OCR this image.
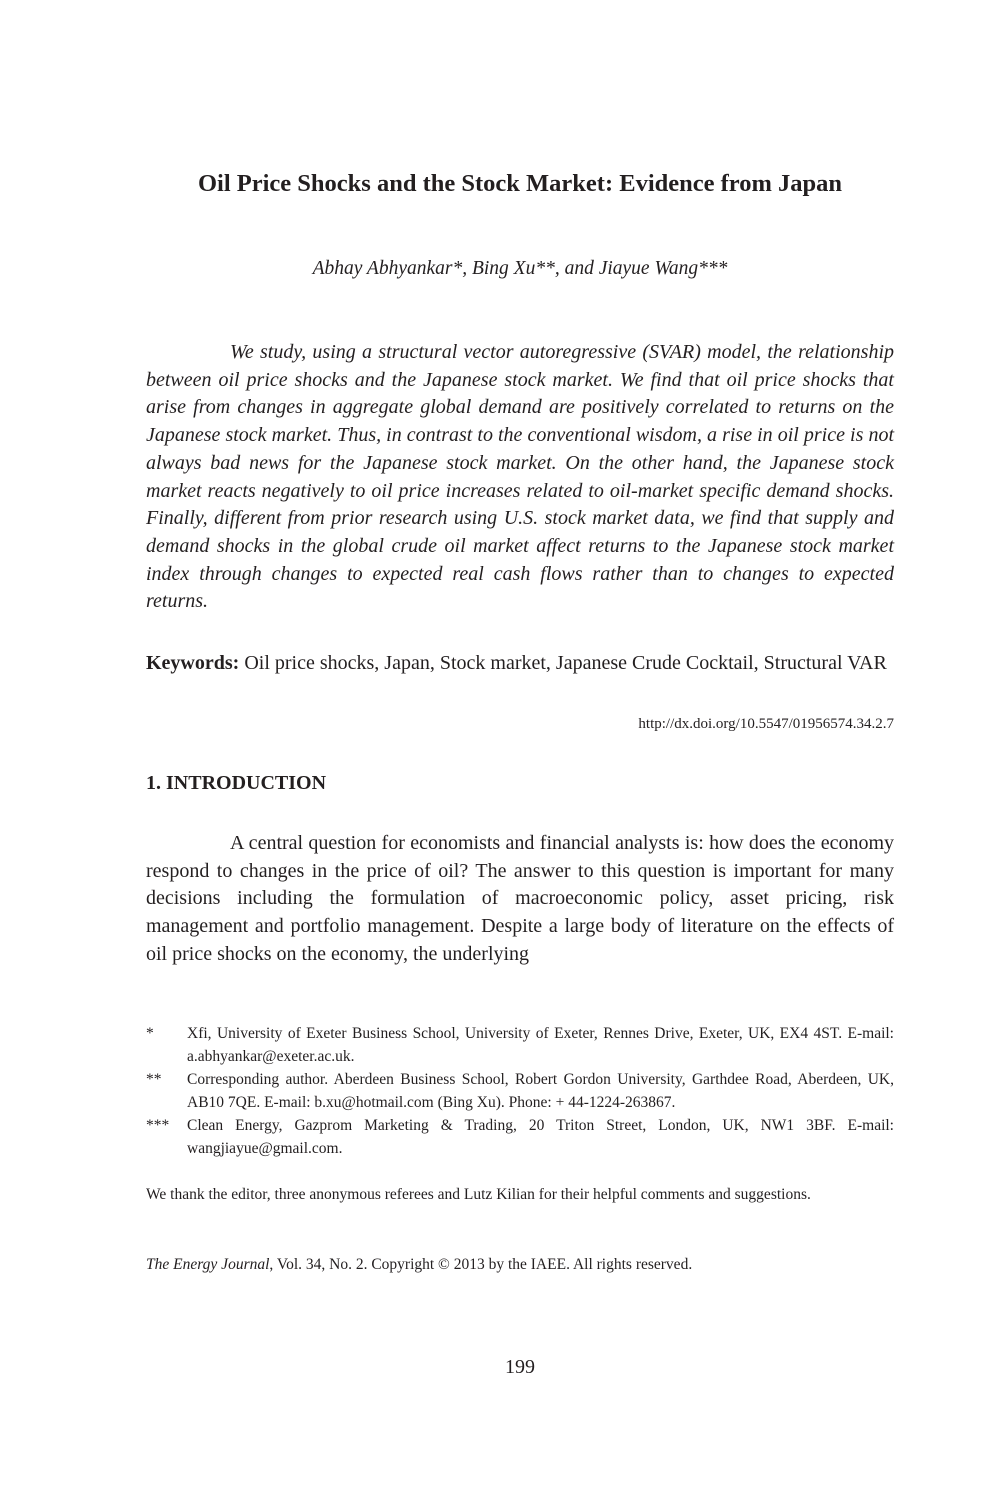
Oil Price Shocks and the Stock Market: Evidence from Japan

Abhay Abhyankar*, Bing Xu**, and Jiayue Wang***

We study, using a structural vector autoregressive (SVAR) model, the relationship between oil price shocks and the Japanese stock market. We find that oil price shocks that arise from changes in aggregate global demand are positively correlated to returns on the Japanese stock market. Thus, in contrast to the conventional wisdom, a rise in oil price is not always bad news for the Japanese stock market. On the other hand, the Japanese stock market reacts negatively to oil price increases related to oil-market specific demand shocks. Finally, different from prior research using U.S. stock market data, we find that supply and demand shocks in the global crude oil market affect returns to the Japanese stock market index through changes to expected real cash flows rather than to changes to expected returns.

Keywords: Oil price shocks, Japan, Stock market, Japanese Crude Cocktail, Structural VAR

http://dx.doi.org/10.5547/01956574.34.2.7

1. INTRODUCTION

A central question for economists and financial analysts is: how does the economy respond to changes in the price of oil? The answer to this question is important for many decisions including the formulation of macroeconomic policy, asset pricing, risk management and portfolio management. Despite a large body of literature on the effects of oil price shocks on the economy, the underlying

* Xfi, University of Exeter Business School, University of Exeter, Rennes Drive, Exeter, UK, EX4 4ST. E-mail: a.abhyankar@exeter.ac.uk.
** Corresponding author. Aberdeen Business School, Robert Gordon University, Garthdee Road, Aberdeen, UK, AB10 7QE. E-mail: b.xu@hotmail.com (Bing Xu). Phone: + 44-1224-263867.
*** Clean Energy, Gazprom Marketing & Trading, 20 Triton Street, London, UK, NW1 3BF. E-mail: wangjiayue@gmail.com.

We thank the editor, three anonymous referees and Lutz Kilian for their helpful comments and suggestions.

The Energy Journal, Vol. 34, No. 2. Copyright © 2013 by the IAEE. All rights reserved.

199
